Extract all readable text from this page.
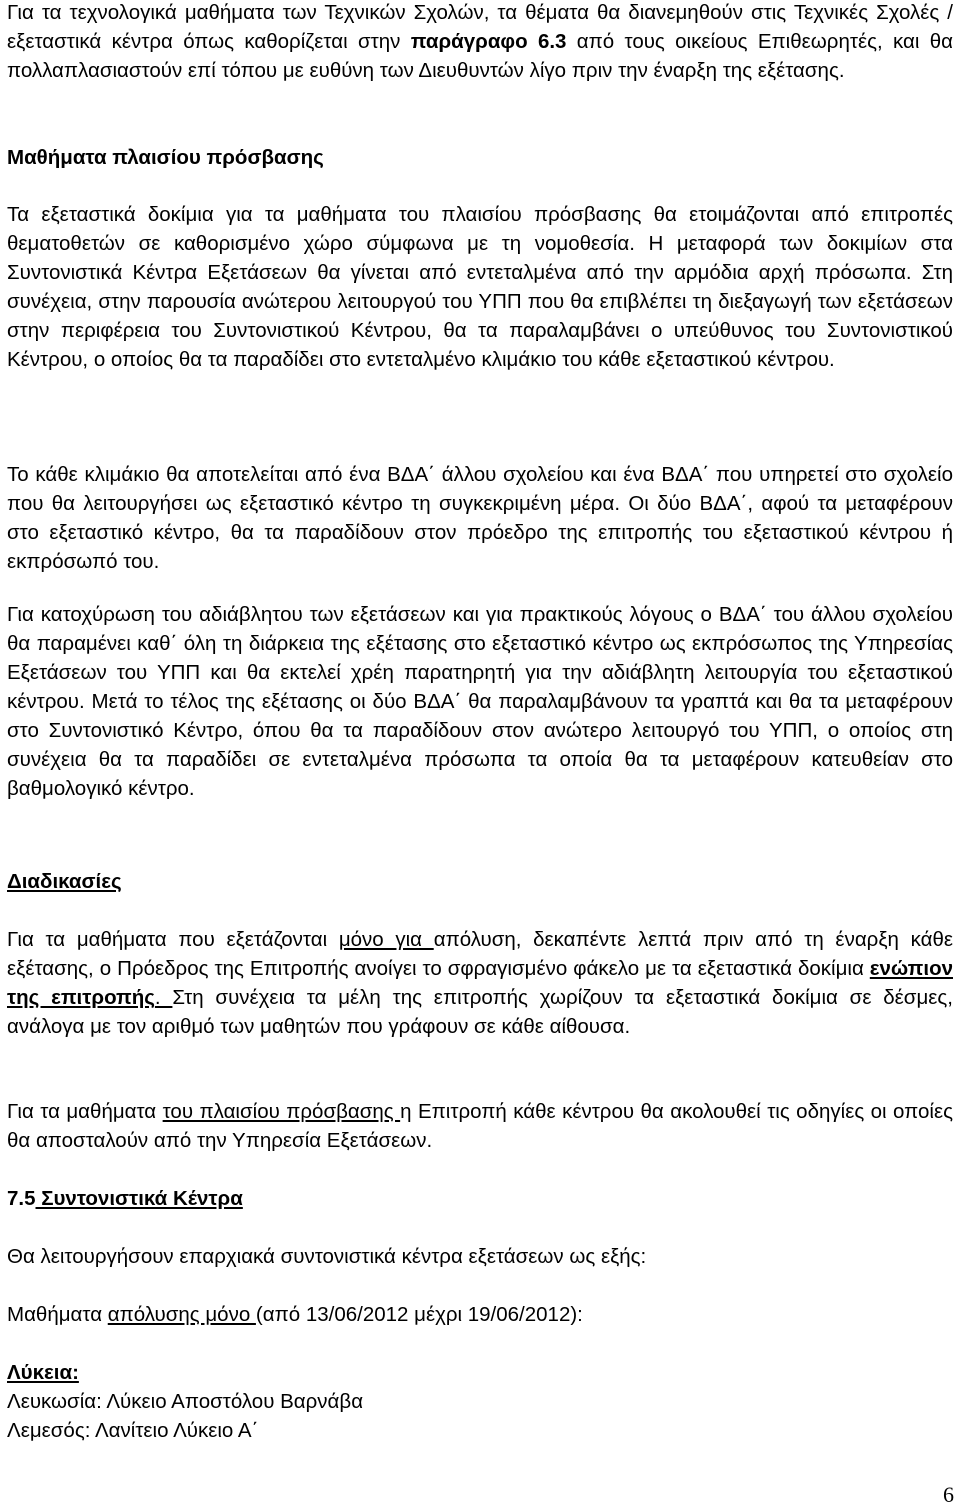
Για τα τεχνολογικά μαθήματα των Τεχνικών Σχολών, τα θέματα θα διανεμηθούν στις Τεχνικές Σχολές /εξεταστικά κέντρα όπως καθορίζεται στην παράγραφο 6.3 από τους οικείους Επιθεωρητές, και θα πολλαπλασιαστούν επί τόπου με ευθύνη των Διευθυντών λίγο πριν την έναρξη της εξέτασης.

Μαθήματα πλαισίου πρόσβασης

Τα εξεταστικά δοκίμια για τα μαθήματα του πλαισίου πρόσβασης θα ετοιμάζονται από επιτροπές θεματοθετών σε καθορισμένο χώρο σύμφωνα με τη νομοθεσία. Η μεταφορά των δοκιμίων στα Συντονιστικά Κέντρα Εξετάσεων θα γίνεται από εντεταλμένα από την αρμόδια αρχή πρόσωπα. Στη συνέχεια, στην παρουσία ανώτερου λειτουργού του ΥΠΠ που θα επιβλέπει τη διεξαγωγή των εξετάσεων στην περιφέρεια του Συντονιστικού Κέντρου, θα τα παραλαμβάνει ο υπεύθυνος του Συντονιστικού Κέντρου, ο οποίος θα τα παραδίδει στο εντεταλμένο κλιμάκιο του κάθε εξεταστικού κέντρου.

Το κάθε κλιμάκιο θα αποτελείται από ένα ΒΔΑ΄ άλλου σχολείου και ένα ΒΔΑ΄ που υπηρετεί στο σχολείο που θα λειτουργήσει ως εξεταστικό κέντρο τη συγκεκριμένη μέρα. Οι δύο ΒΔΑ΄, αφού τα μεταφέρουν στο εξεταστικό κέντρο, θα τα παραδίδουν στον πρόεδρο της επιτροπής του εξεταστικού κέντρου ή εκπρόσωπό του.

Για κατοχύρωση του αδιάβλητου των εξετάσεων και για πρακτικούς λόγους ο ΒΔΑ΄ του άλλου σχολείου θα παραμένει καθ΄ όλη τη διάρκεια της εξέτασης στο εξεταστικό κέντρο ως εκπρόσωπος της Υπηρεσίας Εξετάσεων του ΥΠΠ και θα εκτελεί χρέη παρατηρητή για την αδιάβλητη λειτουργία του εξεταστικού κέντρου. Μετά το τέλος της εξέτασης οι δύο ΒΔΑ΄ θα παραλαμβάνουν τα γραπτά και θα τα μεταφέρουν στο Συντονιστικό Κέντρο, όπου θα τα παραδίδουν στον ανώτερο λειτουργό του ΥΠΠ, ο οποίος στη συνέχεια θα τα παραδίδει σε εντεταλμένα πρόσωπα τα οποία θα τα μεταφέρουν κατευθείαν στο βαθμολογικό κέντρο.

Διαδικασίες

Για τα μαθήματα που εξετάζονται μόνο για απόλυση, δεκαπέντε λεπτά πριν από τη έναρξη κάθε εξέτασης, ο Πρόεδρος της Επιτροπής ανοίγει το σφραγισμένο φάκελο με τα εξεταστικά δοκίμια ενώπιον της επιτροπής. Στη συνέχεια τα μέλη της επιτροπής χωρίζουν τα εξεταστικά δοκίμια σε δέσμες, ανάλογα με τον αριθμό των μαθητών που γράφουν σε κάθε αίθουσα.

Για τα μαθήματα του πλαισίου πρόσβασης η Επιτροπή κάθε κέντρου θα ακολουθεί τις οδηγίες οι οποίες θα αποσταλούν από την Υπηρεσία Εξετάσεων.

7.5 Συντονιστικά Κέντρα

Θα λειτουργήσουν επαρχιακά συντονιστικά κέντρα εξετάσεων ως εξής:

Μαθήματα απόλυσης μόνο (από 13/06/2012 μέχρι 19/06/2012):

Λύκεια:

Λευκωσία: Λύκειο Αποστόλου Βαρνάβα

Λεμεσός: Λανίτειο Λύκειο Α΄

6
